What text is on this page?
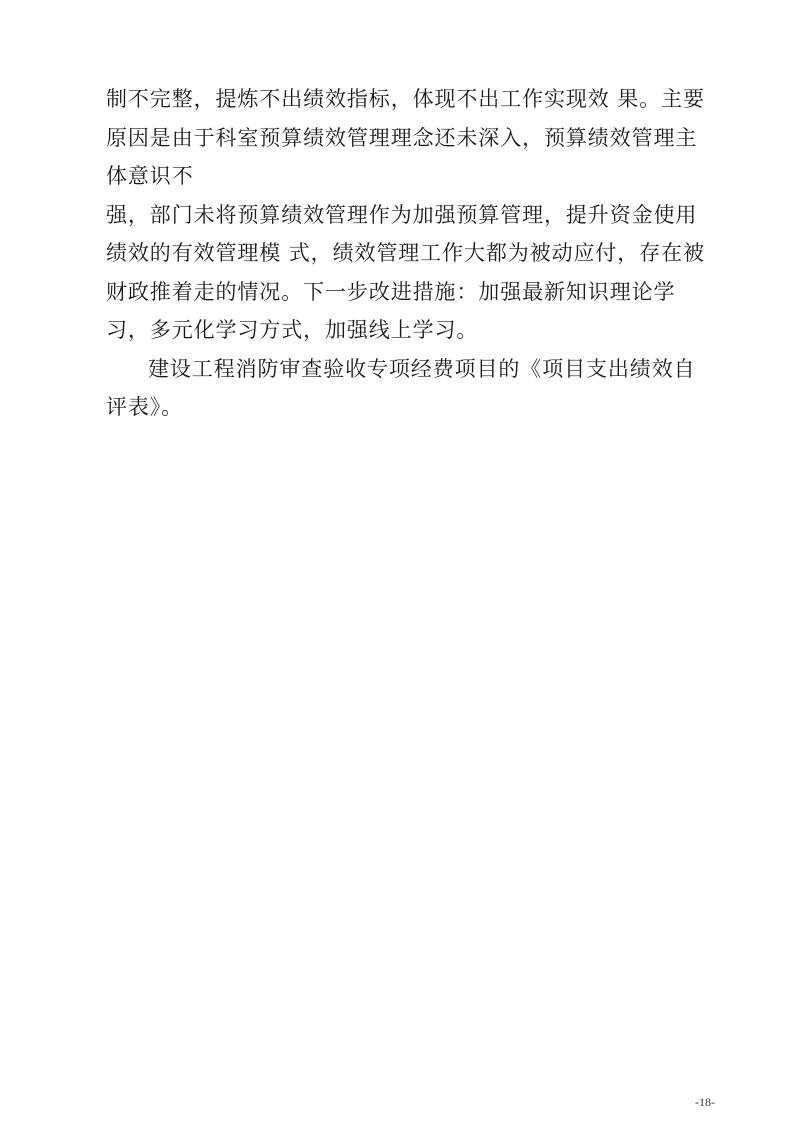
制不完整，提炼不出绩效指标，体现不出工作实现效 果。主要
原因是由于科室预算绩效管理理念还未深入，预算绩效管理主
体意识不
强，部门未将预算绩效管理作为加强预算管理，提升资金使用
绩效的有效管理模 式，绩效管理工作大都为被动应付，存在被
财政推着走的情况。下一步改进措施：加强最新知识理论学
习，多元化学习方式，加强线上学习。
建设工程消防审查验收专项经费项目的《项目支出绩效自
评表》。
-18-
